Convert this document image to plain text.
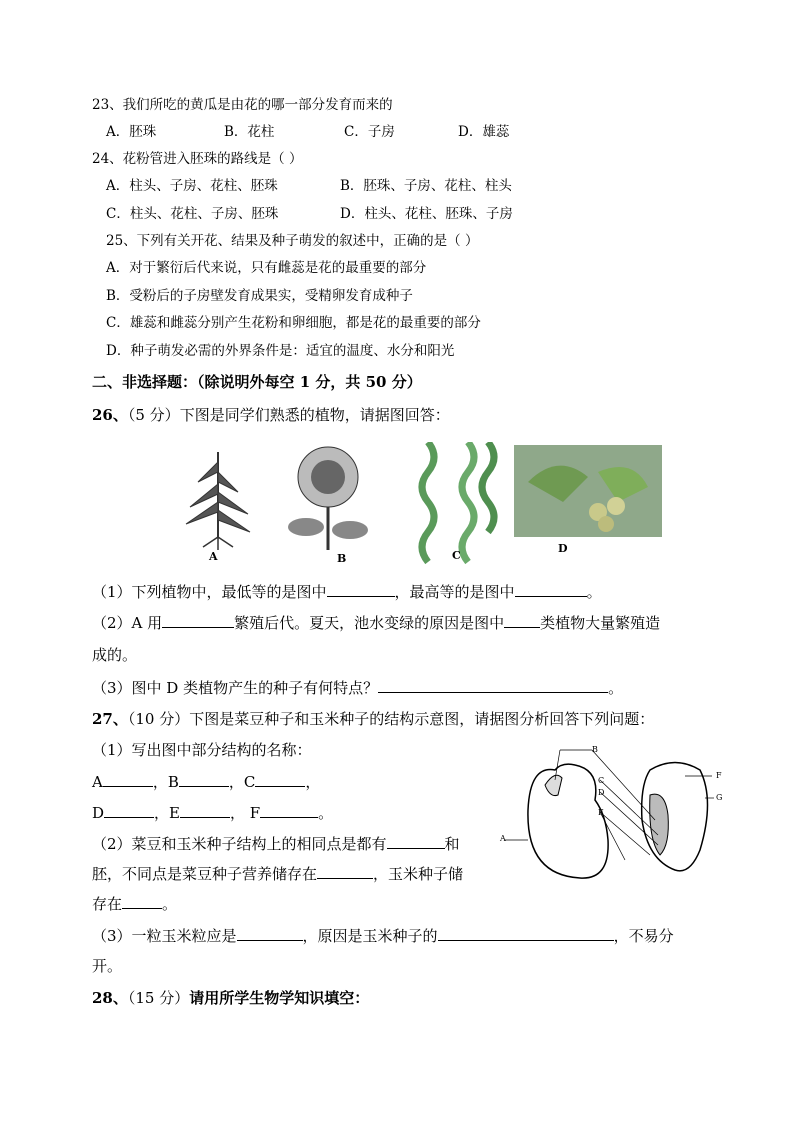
23、我们所吃的黄瓜是由花的哪一部分发育而来的
A．胚珠	B．花柱	C．子房	D．雄蕊
24、花粉管进入胚珠的路线是（ ）
A．柱头、子房、花柱、胚珠	B．胚珠、子房、花柱、柱头
C．柱头、花柱、子房、胚珠	D．柱头、花柱、胚珠、子房
25、下列有关开花、结果及种子萌发的叙述中，正确的是（ ）
A．对于繁衍后代来说，只有雌蕊是花的最重要的部分
B．受粉后的子房壁发育成果实，受精卵发育成种子
C．雄蕊和雌蕊分别产生花粉和卵细胞，都是花的最重要的部分
D．种子萌发必需的外界条件是：适宜的温度、水分和阳光
二、非选择题：（除说明外每空 1 分，共 50 分）
26、（5 分）下图是同学们熟悉的植物，请据图回答：
A	B	C
D
（1）下列植物中，最低等的是图中	，最高等的是图中	。
（2）A 用	繁殖后代。夏天，池水变绿的原因是图中 类植物大量繁殖造
成的。
（3）图中 D 类植物产生的种子有何特点？	。
27、（10 分）下图是菜豆种子和玉米种子的结构示意图，请据图分析回答下列问题：
（1）写出图中部分结构的名称：
A	，B	，C	，
D	，E	， F	。
（2）菜豆和玉米种子结构上的相同点是都有	和
胚，不同点是菜豆种子营养储存在	，玉米种子储
存在	。
（3）一粒玉米粒应是	，原因是玉米种子的	，不易分
开。
A
B
C
D
E
F
G
28、（15 分）请用所学生物学知识填空：
